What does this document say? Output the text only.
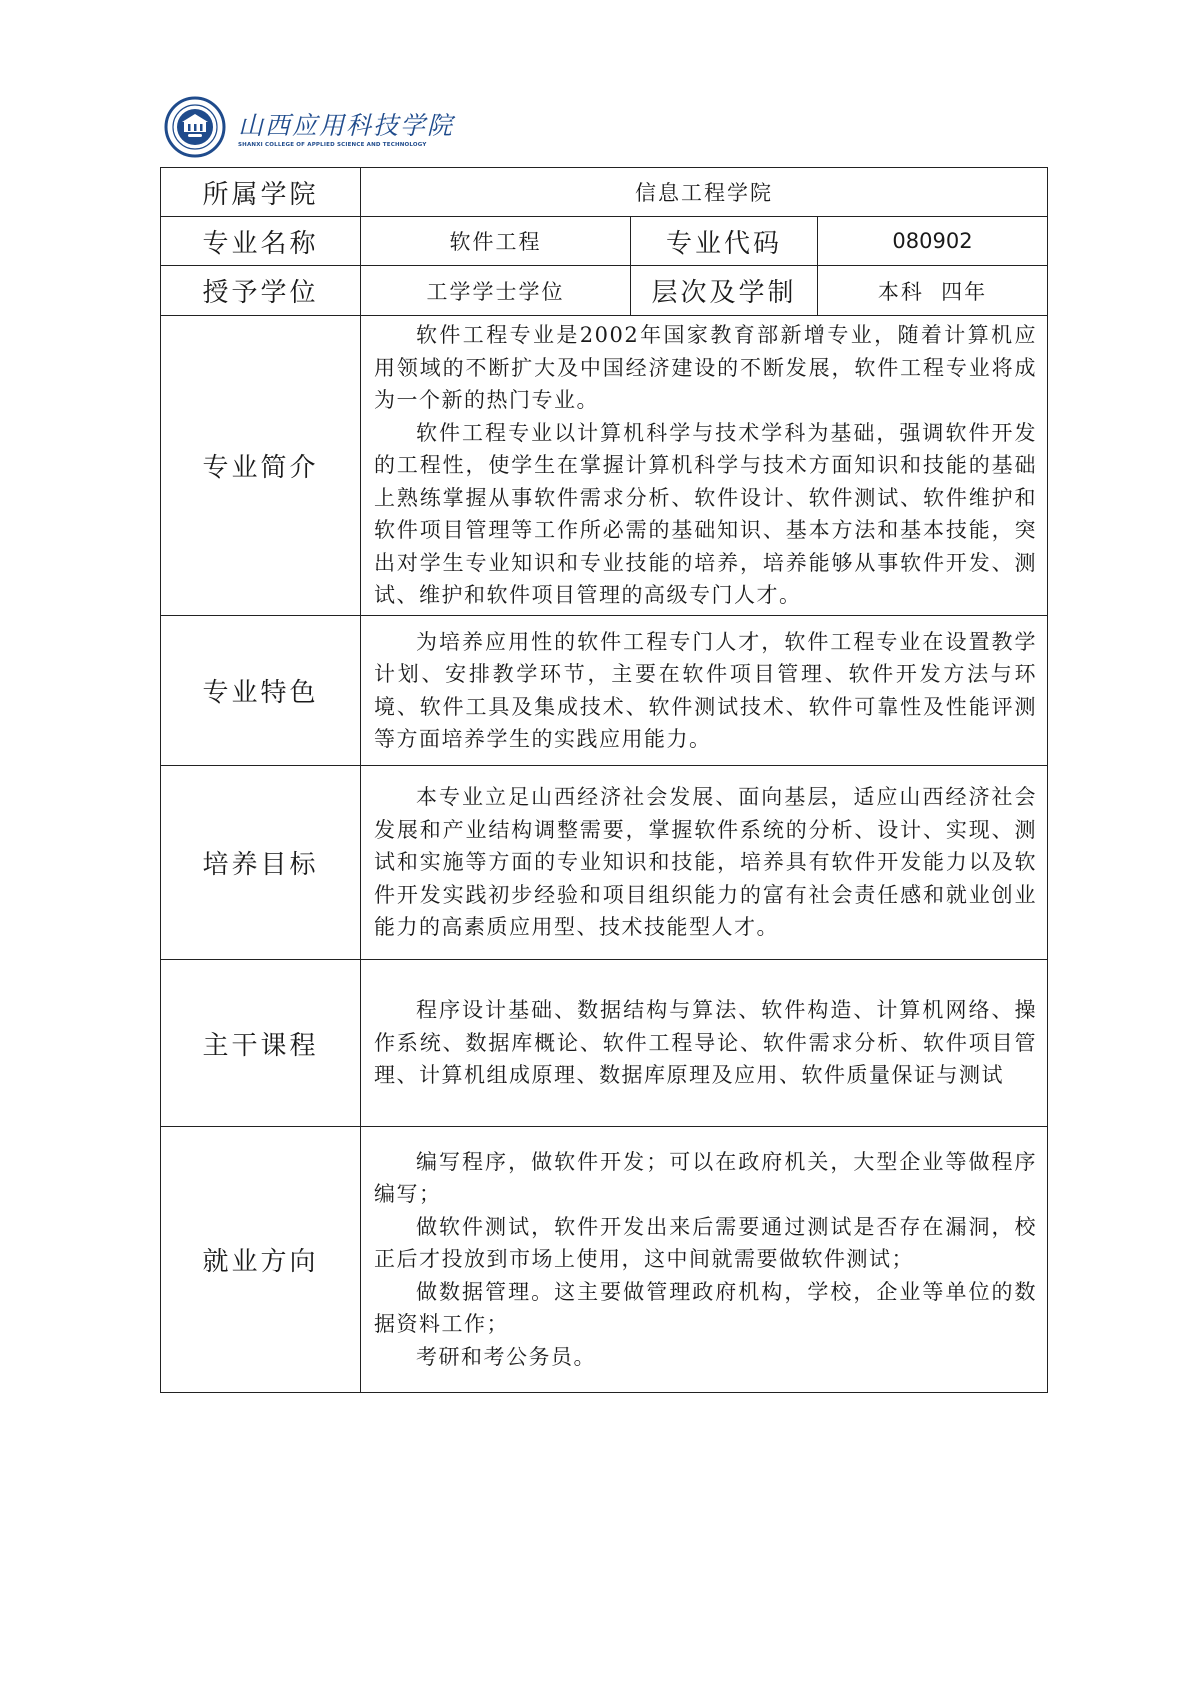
山西应用科技学院
SHANXI COLLEGE OF APPLIED SCIENCE AND TECHNOLOGY
所属学院	信息工程学院		
专业名称	软件工程	专业代码	080902
授予学位	工学学士学位	层次及学制	本科  四年
专业简介	软件工程专业是2002年国家教育部新增专业，随着计算机应用领域的不断扩大及中国经济建设的不断发展，软件工程专业将成为一个新的热门专业。

软件工程专业以计算机科学与技术学科为基础，强调软件开发的工程性，使学生在掌握计算机科学与技术方面知识和技能的基础上熟练掌握从事软件需求分析、软件设计、软件测试、软件维护和软件项目管理等工作所必需的基础知识、基本方法和基本技能，突出对学生专业知识和专业技能的培养，培养能够从事软件开发、测试、维护和软件项目管理的高级专门人才。		

专业特色	为培养应用性的软件工程专门人才，软件工程专业在设置教学计划、安排教学环节，主要在软件项目管理、软件开发方法与环境、软件工具及集成技术、软件测试技术、软件可靠性及性能评测等方面培养学生的实践应用能力。		

培养目标	本专业立足山西经济社会发展、面向基层，适应山西经济社会发展和产业结构调整需要，掌握软件系统的分析、设计、实现、测试和实施等方面的专业知识和技能，培养具有软件开发能力以及软件开发实践初步经验和项目组织能力的富有社会责任感和就业创业能力的高素质应用型、技术技能型人才。		

主干课程	程序设计基础、数据结构与算法、软件构造、计算机网络、操作系统、数据库概论、软件工程导论、软件需求分析、软件项目管理、计算机组成原理、数据库原理及应用、软件质量保证与测试		

就业方向	编写程序，做软件开发；可以在政府机关，大型企业等做程序编写；

做软件测试，软件开发出来后需要通过测试是否存在漏洞，校正后才投放到市场上使用，这中间就需要做软件测试；

做数据管理。这主要做管理政府机构，学校，企业等单位的数据资料工作；

考研和考公务员。		
